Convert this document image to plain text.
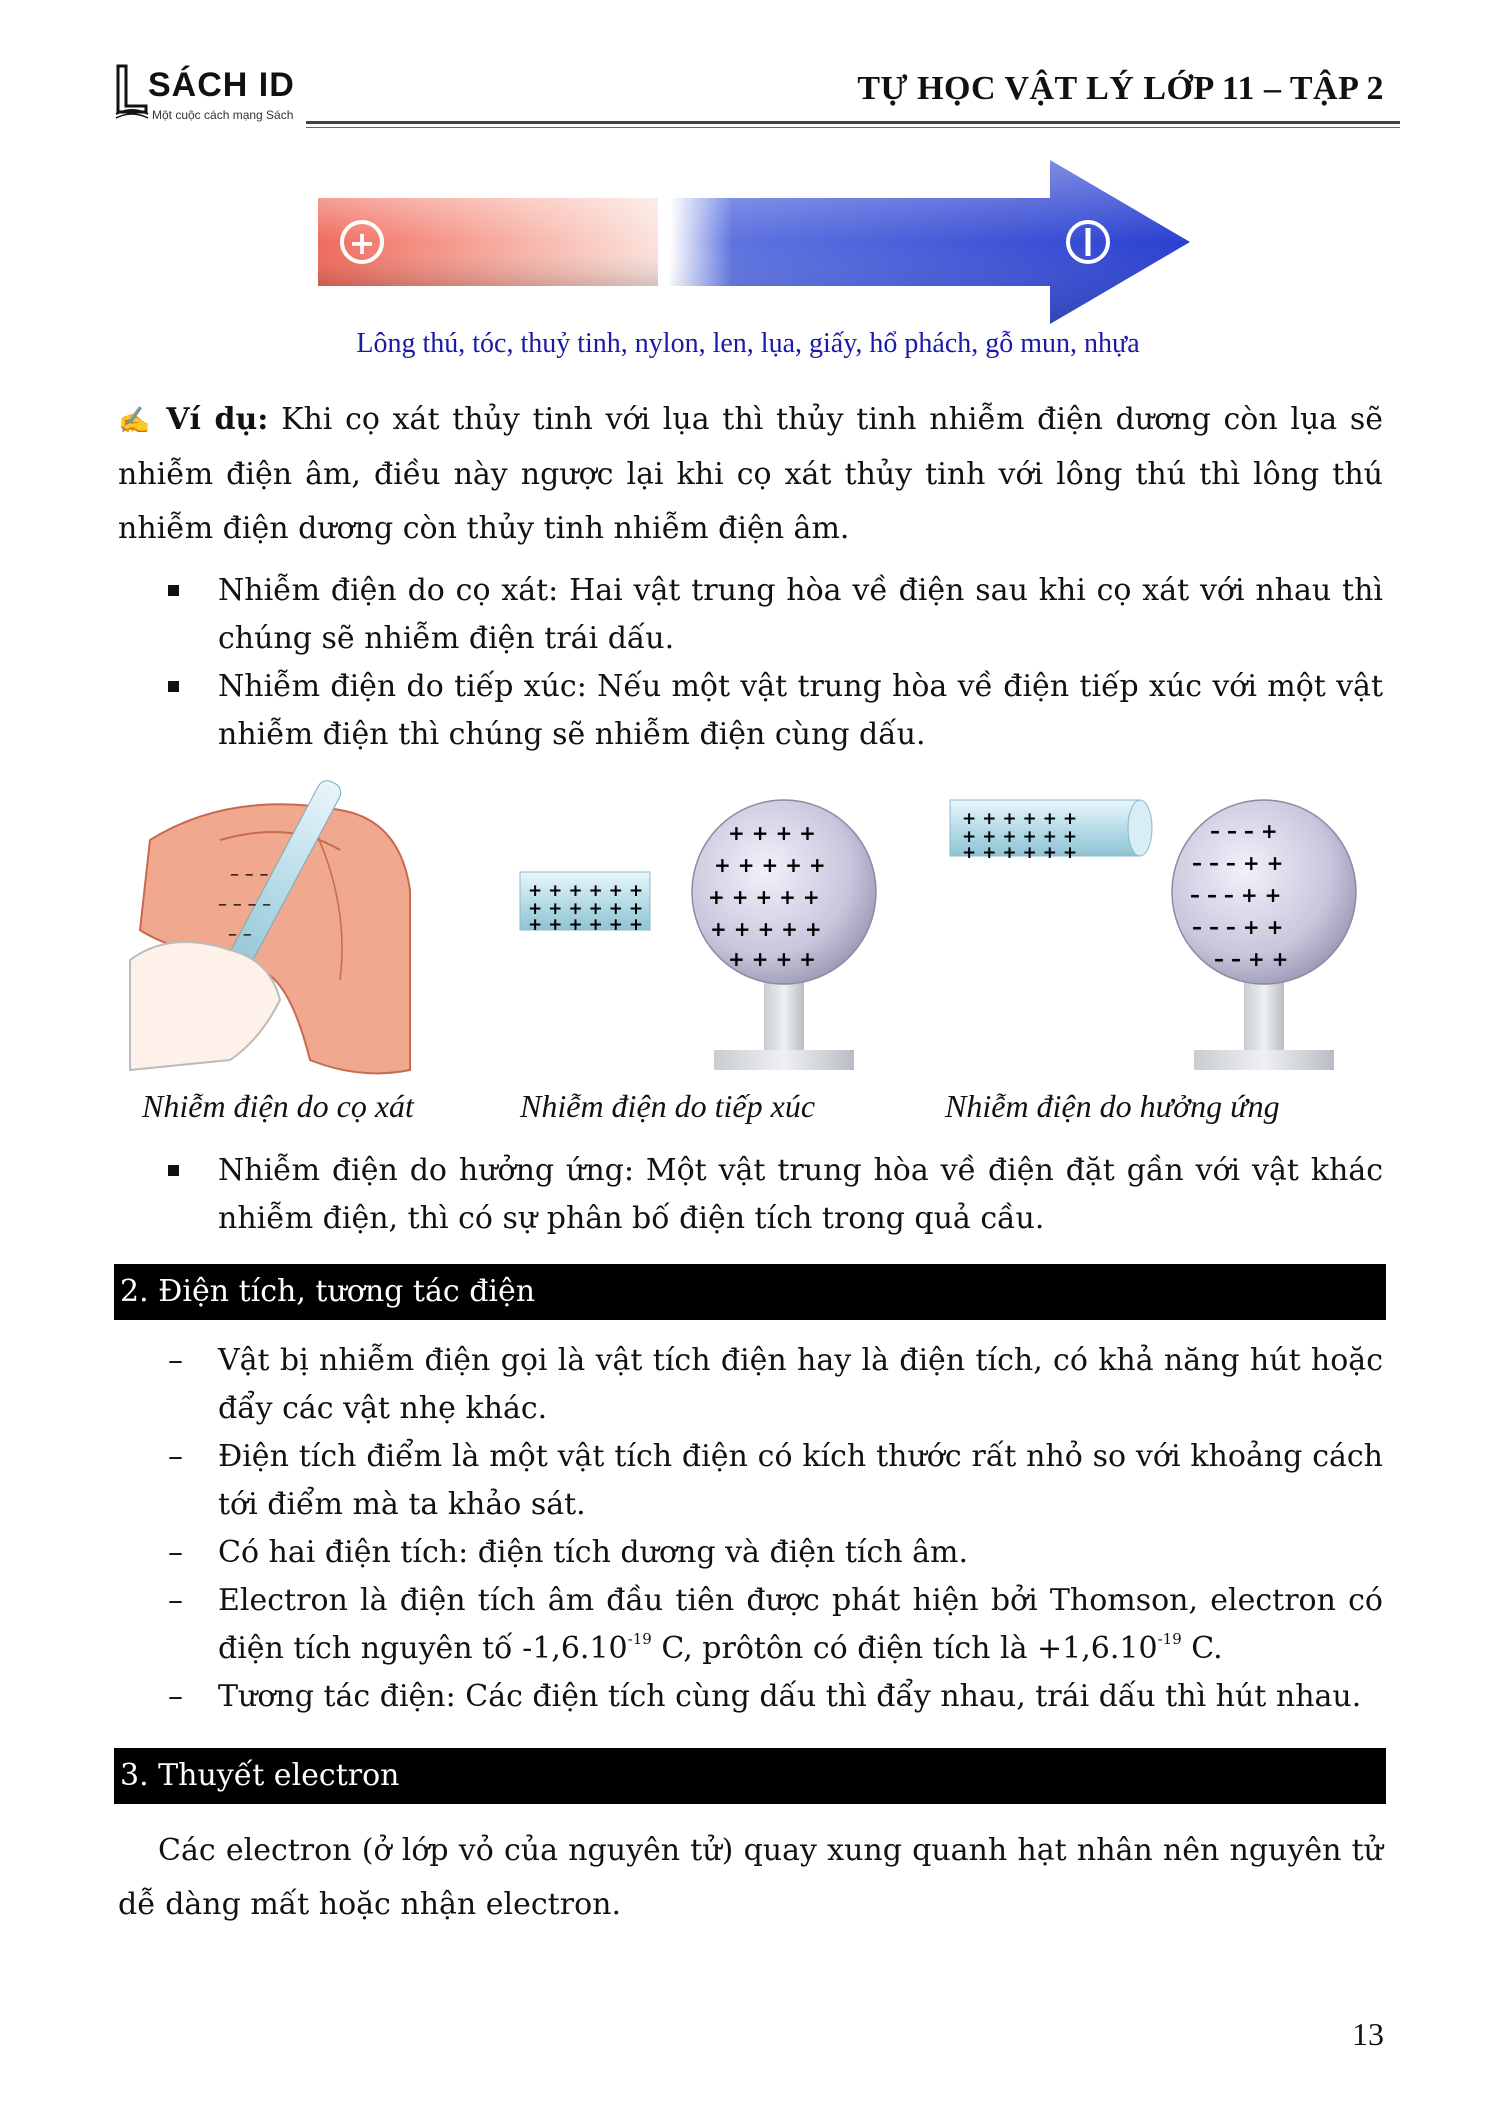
SÁCH ID
Một cuộc cách mạng Sách
TỰ HỌC VẬT LÝ LỚP 11 – TẬP 2
+
Lông thú, tóc, thuỷ tinh, nylon, len, lụa, giấy, hổ phách, gỗ mun, nhựa

✍ Ví dụ: Khi cọ xát thủy tinh với lụa thì thủy tinh nhiễm điện dương còn lụa sẽ nhiễm điện âm, điều này ngược lại khi cọ xát thủy tinh với lông thú thì lông thú nhiễm điện dương còn thủy tinh nhiễm điện âm.

Nhiễm điện do cọ xát: Hai vật trung hòa về điện sau khi cọ xát với nhau thì chúng sẽ nhiễm điện trái dấu.
Nhiễm điện do tiếp xúc: Nếu một vật trung hòa về điện tiếp xúc với một vật nhiễm điện thì chúng sẽ nhiễm điện cùng dấu.
– – –
– – – –
– –
+ + + + + +
+ + + + + +
+ + + + + +
+ + + +
+ + + + +
+ + + + +
+ + + + +
+ + + +
+ + + + + +
+ + + + + +
+ + + + + +
– – – +
– – – + +
– – – + +
– – – + +
– – + +
Nhiễm điện do cọ xát	Nhiễm điện do tiếp xúc	Nhiễm điện do hưởng ứng
Nhiễm điện do hưởng ứng: Một vật trung hòa về điện đặt gần với vật khác nhiễm điện, thì có sự phân bố điện tích trong quả cầu.
2. Điện tích, tương tác điện
– Vật bị nhiễm điện gọi là vật tích điện hay là điện tích, có khả năng hút hoặc đẩy các vật nhẹ khác.
– Điện tích điểm là một vật tích điện có kích thước rất nhỏ so với khoảng cách tới điểm mà ta khảo sát.
– Có hai điện tích: điện tích dương và điện tích âm.
– Electron là điện tích âm đầu tiên được phát hiện bởi Thomson, electron có điện tích nguyên tố $-1,6.10^{-19}$ C, prôtôn có điện tích là $+1,6.10^{-19}$ C.
– Tương tác điện: Các điện tích cùng dấu thì đẩy nhau, trái dấu thì hút nhau.
3. Thuyết electron

Các electron (ở lớp vỏ của nguyên tử) quay xung quanh hạt nhân nên nguyên tử dễ dàng mất hoặc nhận electron.

13
